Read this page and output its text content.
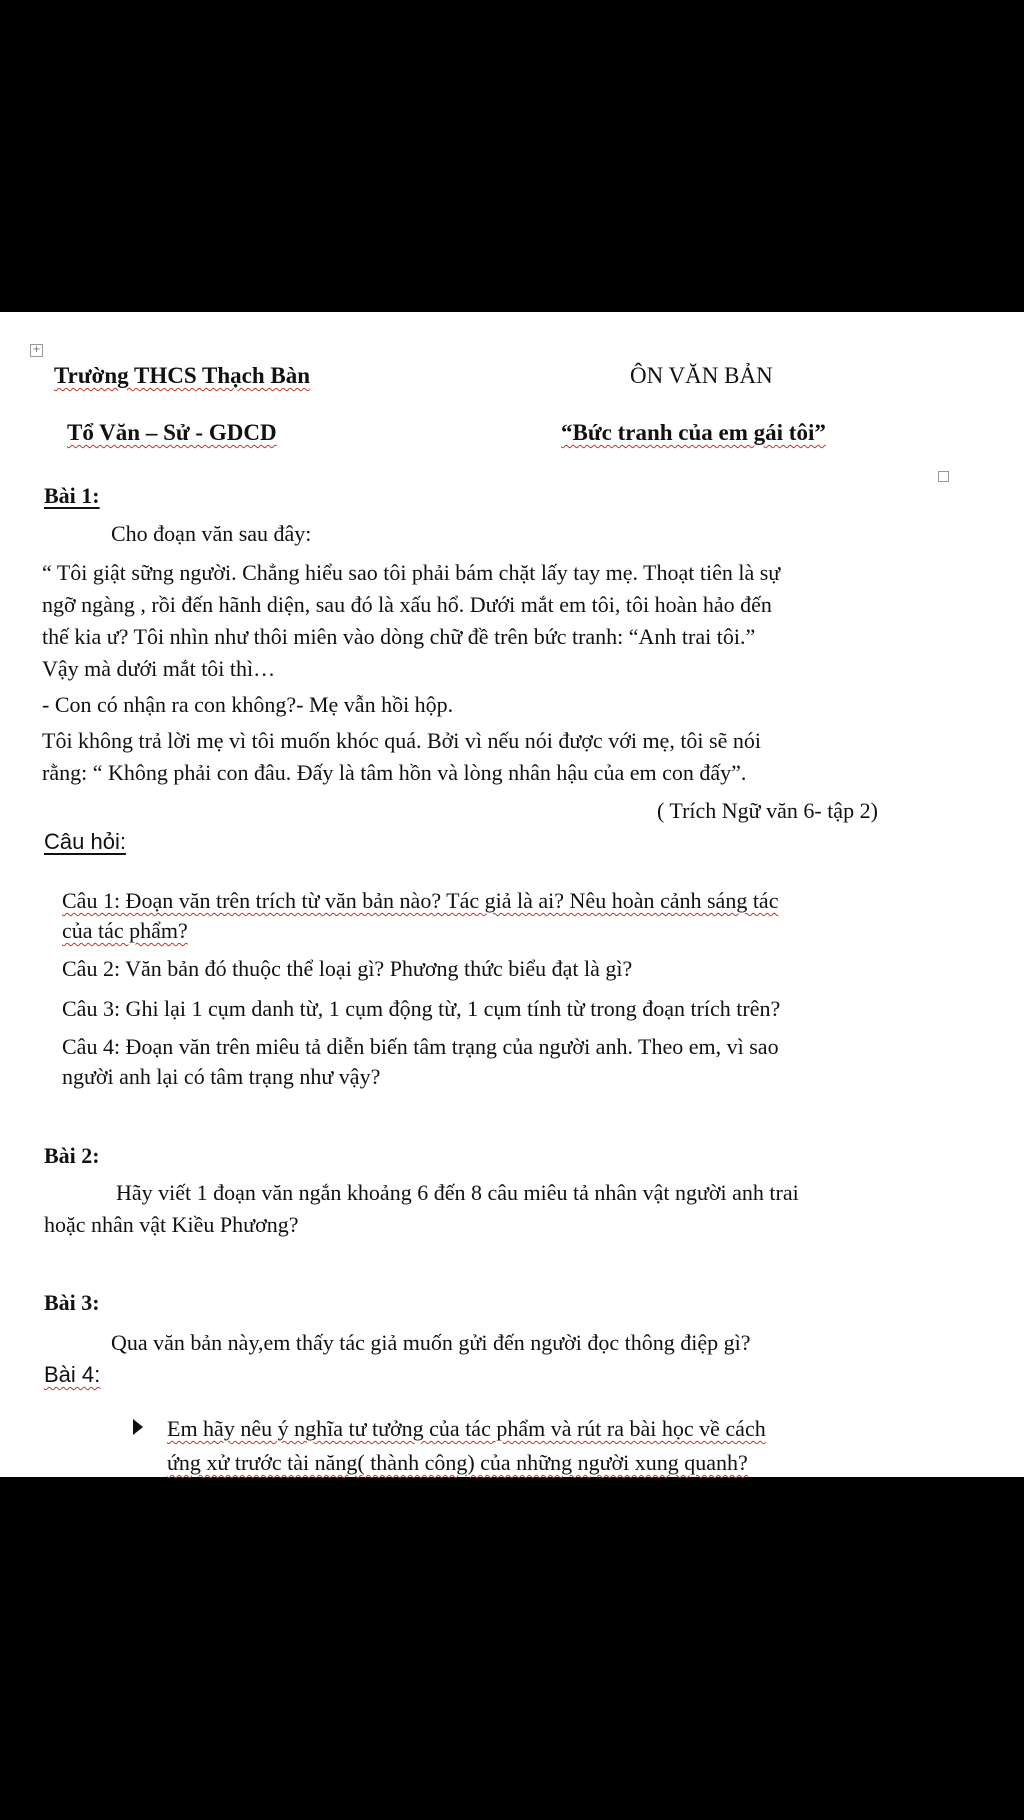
+
Trường THCS Thạch Bàn
Tổ Văn – Sử - GDCD
ÔN VĂN BẢN
“Bức tranh của em gái tôi”
Bài 1:
Cho đoạn văn sau đây:
“ Tôi giật sững người. Chẳng hiểu sao tôi phải bám chặt lấy tay mẹ. Thoạt tiên là sự
ngỡ ngàng , rồi đến hãnh diện, sau đó là xấu hổ. Dưới mắt em tôi, tôi hoàn hảo đến
thế kia ư? Tôi nhìn như thôi miên vào dòng chữ đề trên bức tranh: “Anh trai tôi.”
Vậy mà dưới mắt tôi thì…
- Con có nhận ra con không?- Mẹ vẫn hồi hộp.
Tôi không trả lời mẹ vì tôi muốn khóc quá. Bởi vì nếu nói được với mẹ, tôi sẽ nói
rằng: “ Không phải con đâu. Đấy là tâm hồn và lòng nhân hậu của em con đấy”.
( Trích Ngữ văn 6- tập 2)
Câu hỏi:
Câu 1: Đoạn văn trên trích từ văn bản nào? Tác giả là ai? Nêu hoàn cảnh sáng tác
của tác phẩm?
Câu 2: Văn bản đó thuộc thể loại gì? Phương thức biểu đạt là gì?
Câu 3: Ghi lại 1 cụm danh từ, 1 cụm động từ, 1 cụm tính từ trong đoạn trích trên?
Câu 4: Đoạn văn trên miêu tả diễn biến tâm trạng của người anh. Theo em, vì sao
người anh lại có tâm trạng như vậy?
Bài 2:
Hãy viết 1 đoạn văn ngắn khoảng 6 đến 8 câu miêu tả nhân vật người anh trai
hoặc nhân vật Kiều Phương?
Bài 3:
Qua văn bản này,em thấy tác giả muốn gửi đến người đọc thông điệp gì?
Bài 4:
Em hãy nêu ý nghĩa tư tưởng của tác phẩm và rút ra bài học về cách
ứng xử trước tài năng( thành công) của những người xung quanh?
